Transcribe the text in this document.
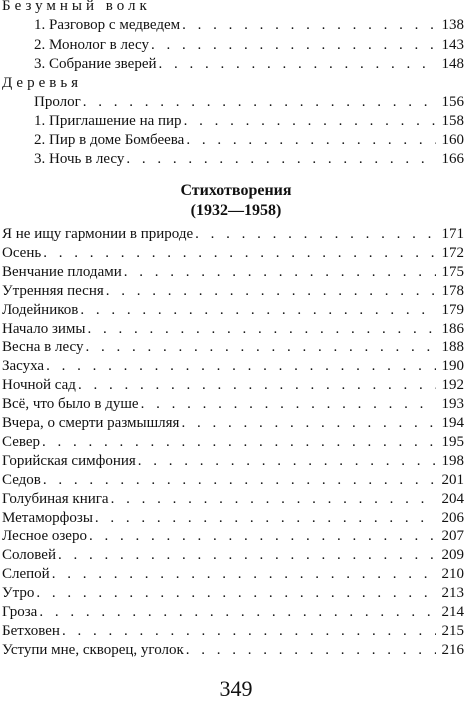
Безумный волк
1. Разговор с медведем . . .	138
2. Монолог в лесу . . .	143
3. Собрание зверей . . .	148
Деревья
Пролог . . .	156
1. Приглашение на пир . . .	158
2. Пир в доме Бомбеева . . .	160
3. Ночь в лесу . . .	166
Стихотворения
(1932—1958)
Я не ищу гармонии в природе . . .	171
Осень . . .	172
Венчание плодами . . .	175
Утренняя песня . . .	178
Лодейников . . .	179
Начало зимы . . .	186
Весна в лесу . . .	188
Засуха . . .	190
Ночной сад . . .	192
Всё, что было в душе . . .	193
Вчера, о смерти размышляя . . .	194
Север . . .	195
Горийская симфония . . .	198
Седов . . .	201
Голубиная книга . . .	204
Метаморфозы . . .	206
Лесное озеро . . .	207
Соловей . . .	209
Слепой . . .	210
Утро . . .	213
Гроза . . .	214
Бетховен . . .	215
Уступи мне, скворец, уголок . . .	216
349
